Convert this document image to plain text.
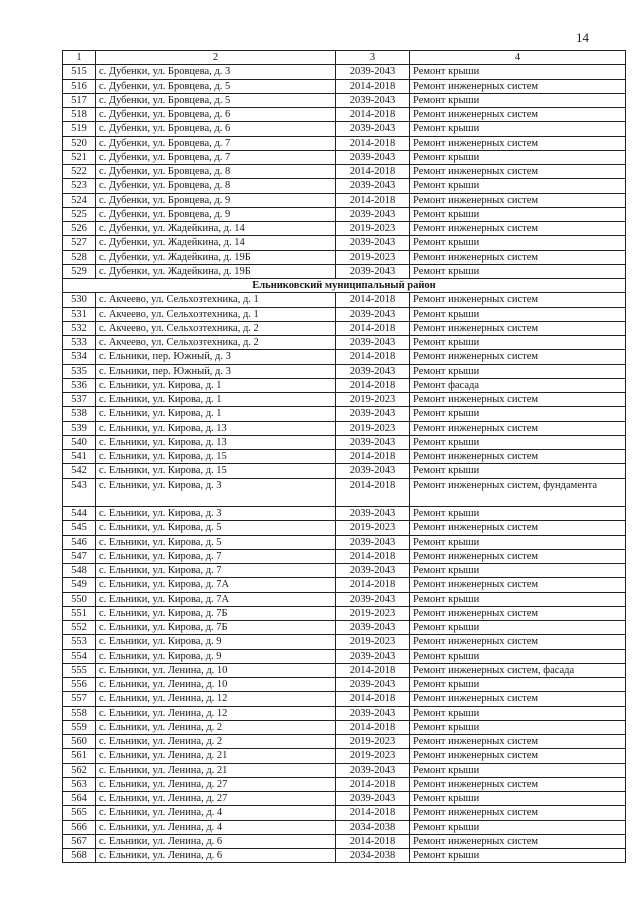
14
1	2	3	4
515	с. Дубенки, ул. Бровцева, д. 3	2039-2043	Ремонт крыши
516	с. Дубенки, ул. Бровцева, д. 5	2014-2018	Ремонт инженерных систем
517	с. Дубенки, ул. Бровцева, д. 5	2039-2043	Ремонт крыши
518	с. Дубенки, ул. Бровцева, д. 6	2014-2018	Ремонт инженерных систем
519	с. Дубенки, ул. Бровцева, д. 6	2039-2043	Ремонт крыши
520	с. Дубенки, ул. Бровцева, д. 7	2014-2018	Ремонт инженерных систем
521	с. Дубенки, ул. Бровцева, д. 7	2039-2043	Ремонт крыши
522	с. Дубенки, ул. Бровцева, д. 8	2014-2018	Ремонт инженерных систем
523	с. Дубенки, ул. Бровцева, д. 8	2039-2043	Ремонт крыши
524	с. Дубенки, ул. Бровцева, д. 9	2014-2018	Ремонт инженерных систем
525	с. Дубенки, ул. Бровцева, д. 9	2039-2043	Ремонт крыши
526	с. Дубенки, ул. Жадейкина, д. 14	2019-2023	Ремонт инженерных систем
527	с. Дубенки, ул. Жадейкина, д. 14	2039-2043	Ремонт крыши
528	с. Дубенки, ул. Жадейкина, д. 19Б	2019-2023	Ремонт инженерных систем
529	с. Дубенки, ул. Жадейкина, д. 19Б	2039-2043	Ремонт крыши
Ельниковский муниципальный район			
530	с. Акчеево, ул. Сельхозтехника, д. 1	2014-2018	Ремонт инженерных систем
531	с. Акчеево, ул. Сельхозтехника, д. 1	2039-2043	Ремонт крыши
532	с. Акчеево, ул. Сельхозтехника, д. 2	2014-2018	Ремонт инженерных систем
533	с. Акчеево, ул. Сельхозтехника, д. 2	2039-2043	Ремонт крыши
534	с. Ельники, пер. Южный, д. 3	2014-2018	Ремонт инженерных систем
535	с. Ельники, пер. Южный, д. 3	2039-2043	Ремонт крыши
536	с. Ельники, ул. Кирова, д. 1	2014-2018	Ремонт фасада
537	с. Ельники, ул. Кирова, д. 1	2019-2023	Ремонт инженерных систем
538	с. Ельники, ул. Кирова, д. 1	2039-2043	Ремонт крыши
539	с. Ельники, ул. Кирова, д. 13	2019-2023	Ремонт инженерных систем
540	с. Ельники, ул. Кирова, д. 13	2039-2043	Ремонт крыши
541	с. Ельники, ул. Кирова, д. 15	2014-2018	Ремонт инженерных систем
542	с. Ельники, ул. Кирова, д. 15	2039-2043	Ремонт крыши
543	с. Ельники, ул. Кирова, д. 3	2014-2018	Ремонт инженерных систем, фундамента
544	с. Ельники, ул. Кирова, д. 3	2039-2043	Ремонт крыши
545	с. Ельники, ул. Кирова, д. 5	2019-2023	Ремонт инженерных систем
546	с. Ельники, ул. Кирова, д. 5	2039-2043	Ремонт крыши
547	с. Ельники, ул. Кирова, д. 7	2014-2018	Ремонт инженерных систем
548	с. Ельники, ул. Кирова, д. 7	2039-2043	Ремонт крыши
549	с. Ельники, ул. Кирова, д. 7А	2014-2018	Ремонт инженерных систем
550	с. Ельники, ул. Кирова, д. 7А	2039-2043	Ремонт крыши
551	с. Ельники, ул. Кирова, д. 7Б	2019-2023	Ремонт инженерных систем
552	с. Ельники, ул. Кирова, д. 7Б	2039-2043	Ремонт крыши
553	с. Ельники, ул. Кирова, д. 9	2019-2023	Ремонт инженерных систем
554	с. Ельники, ул. Кирова, д. 9	2039-2043	Ремонт крыши
555	с. Ельники, ул. Ленина, д. 10	2014-2018	Ремонт инженерных систем, фасада
556	с. Ельники, ул. Ленина, д. 10	2039-2043	Ремонт крыши
557	с. Ельники, ул. Ленина, д. 12	2014-2018	Ремонт инженерных систем
558	с. Ельники, ул. Ленина, д. 12	2039-2043	Ремонт крыши
559	с. Ельники, ул. Ленина, д. 2	2014-2018	Ремонт крыши
560	с. Ельники, ул. Ленина, д. 2	2019-2023	Ремонт инженерных систем
561	с. Ельники, ул. Ленина, д. 21	2019-2023	Ремонт инженерных систем
562	с. Ельники, ул. Ленина, д. 21	2039-2043	Ремонт крыши
563	с. Ельники, ул. Ленина, д. 27	2014-2018	Ремонт инженерных систем
564	с. Ельники, ул. Ленина, д. 27	2039-2043	Ремонт крыши
565	с. Ельники, ул. Ленина, д. 4	2014-2018	Ремонт инженерных систем
566	с. Ельники, ул. Ленина, д. 4	2034-2038	Ремонт крыши
567	с. Ельники, ул. Ленина, д. 6	2014-2018	Ремонт инженерных систем
568	с. Ельники, ул. Ленина, д. 6	2034-2038	Ремонт крыши
